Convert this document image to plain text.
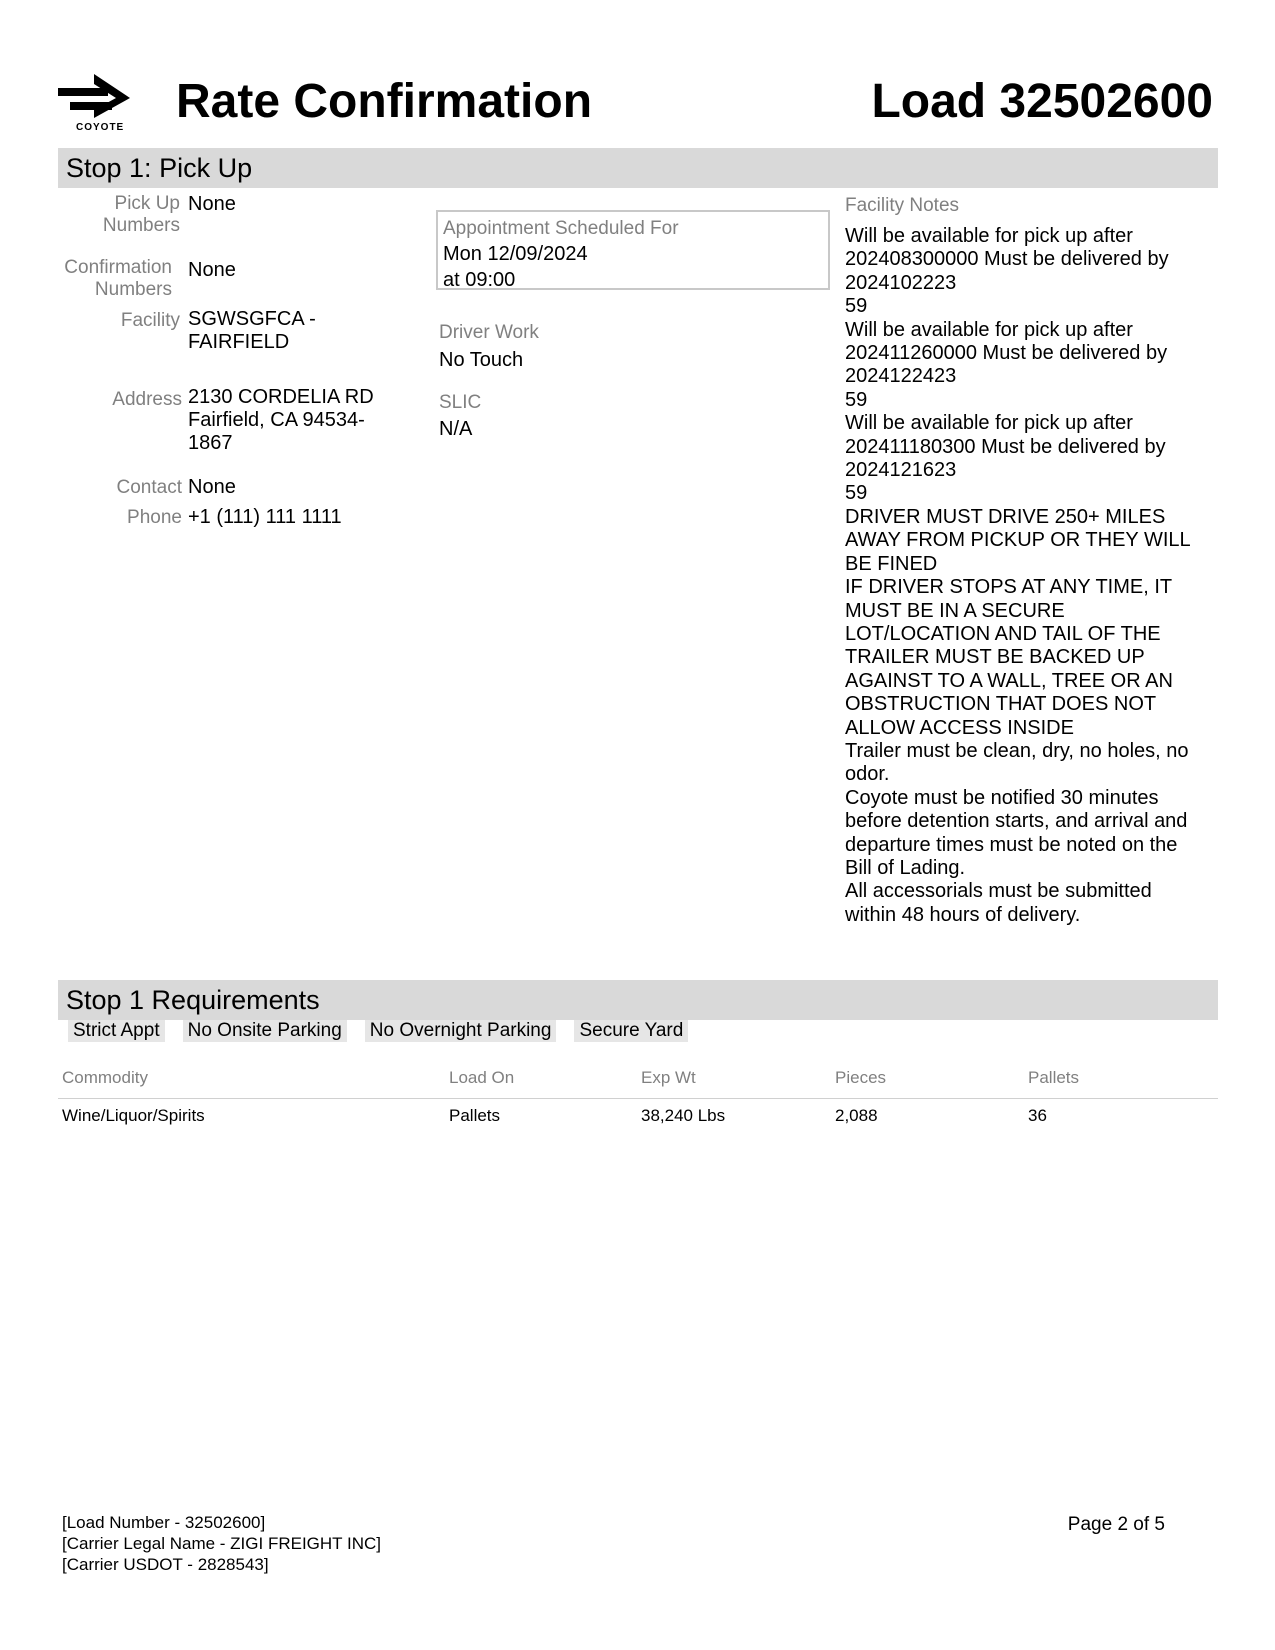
COYOTE Rate Confirmation	Load 32502600
Stop 1: Pick Up
Pick Up
Numbers
None
Confirmation
Numbers
None
Facility SGWSGFCA -
FAIRFIELD
Address 2130 CORDELIA RD
Fairfield, CA 94534-
1867
Contact None
Phone +1 (111) 111 1111
Appointment Scheduled For
Mon 12/09/2024
at 09:00
Driver Work
No Touch
SLIC
N/A
Facility Notes
Will be available for pick up after
202408300000 Must be delivered by
2024102223
59
Will be available for pick up after
202411260000 Must be delivered by
2024122423
59
Will be available for pick up after
202411180300 Must be delivered by
2024121623
59
DRIVER MUST DRIVE 250+ MILES
AWAY FROM PICKUP OR THEY WILL
BE FINED
IF DRIVER STOPS AT ANY TIME, IT
MUST BE IN A SECURE
LOT/LOCATION AND TAIL OF THE
TRAILER MUST BE BACKED UP
AGAINST TO A WALL, TREE OR AN
OBSTRUCTION THAT DOES NOT
ALLOW ACCESS INSIDE
Trailer must be clean, dry, no holes, no
odor.
Coyote must be notified 30 minutes
before detention starts, and arrival and
departure times must be noted on the
Bill of Lading.
All accessorials must be submitted
within 48 hours of delivery.
Stop 1 Requirements
Strict Appt No Onsite Parking No Overnight Parking Secure Yard
Commodity	Load On	Exp Wt	Pieces	Pallets
Wine/Liquor/Spirits	Pallets	38,240 Lbs	2,088	36
[Load Number - 32502600]
[Carrier Legal Name - ZIGI FREIGHT INC]
[Carrier USDOT - 2828543]
Page 2 of 5
